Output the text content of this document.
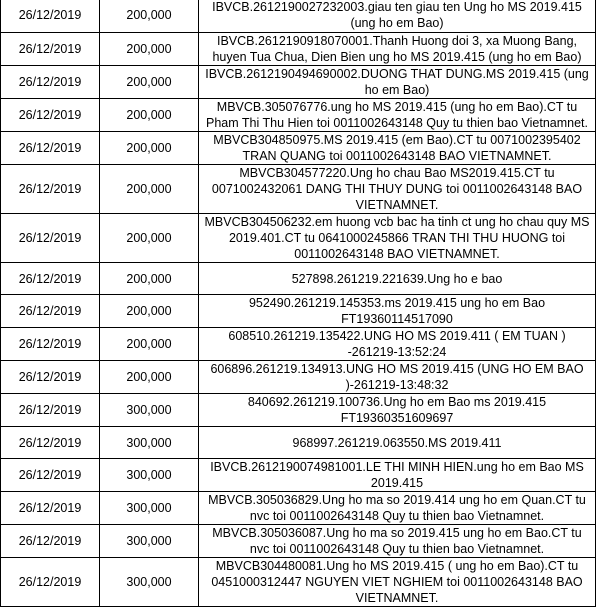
26/12/2019	200,000	IBVCB.2612190027232003.giau ten giau ten Ung ho MS 2019.415 (ung ho em Bao)
26/12/2019	200,000	IBVCB.2612190918070001.Thanh Huong doi 3, xa Muong Bang, huyen Tua Chua, Dien Bien ung ho MS 2019.415 (ung ho em Bao)
26/12/2019	200,000	IBVCB.2612190494690002.DUONG THAT DUNG.MS 2019.415 (ung ho em Bao)
26/12/2019	200,000	MBVCB.305076776.ung ho MS 2019.415 (ung ho em Bao).CT tu Pham Thi Thu Hien toi 0011002643148 Quy tu thien bao Vietnamnet.
26/12/2019	200,000	MBVCB304850975.MS 2019.415 (em Bao).CT tu 0071002395402 TRAN QUANG toi 0011002643148 BAO VIETNAMNET.
26/12/2019	200,000	MBVCB304577220.Ung ho chau Bao MS2019.415.CT tu 0071002432061 DANG THI THUY DUNG toi 0011002643148 BAO VIETNAMNET.
26/12/2019	200,000	MBVCB304506232.em huong vcb bac ha tinh ct ung ho chau quy MS 2019.401.CT tu 0641000245866 TRAN THI THU HUONG toi 0011002643148 BAO VIETNAMNET.
26/12/2019	200,000	527898.261219.221639.Ung ho e bao
26/12/2019	200,000	952490.261219.145353.ms 2019.415 ung ho em Bao FT19360114517090
26/12/2019	200,000	608510.261219.135422.UNG HO MS 2019.411 ( EM TUAN ) -261219-13:52:24
26/12/2019	200,000	606896.261219.134913.UNG HO MS 2019.415 (UNG HO EM BAO )-261219-13:48:32
26/12/2019	300,000	840692.261219.100736.Ung ho em Bao ms 2019.415 FT19360351609697
26/12/2019	300,000	968997.261219.063550.MS 2019.411
26/12/2019	300,000	IBVCB.2612190074981001.LE THI MINH HIEN.ung ho em Bao MS 2019.415
26/12/2019	300,000	MBVCB.305036829.Ung ho ma so 2019.414 ung ho em Quan.CT tu nvc toi 0011002643148 Quy tu thien bao Vietnamnet.
26/12/2019	300,000	MBVCB.305036087.Ung ho ma so 2019.415 ung ho em Bao.CT tu nvc toi 0011002643148 Quy tu thien bao Vietnamnet.
26/12/2019	300,000	MBVCB304480081.Ung ho MS 2019.415 ( ung ho em Bao).CT tu 0451000312447 NGUYEN VIET NGHIEM toi 0011002643148 BAO VIETNAMNET.
